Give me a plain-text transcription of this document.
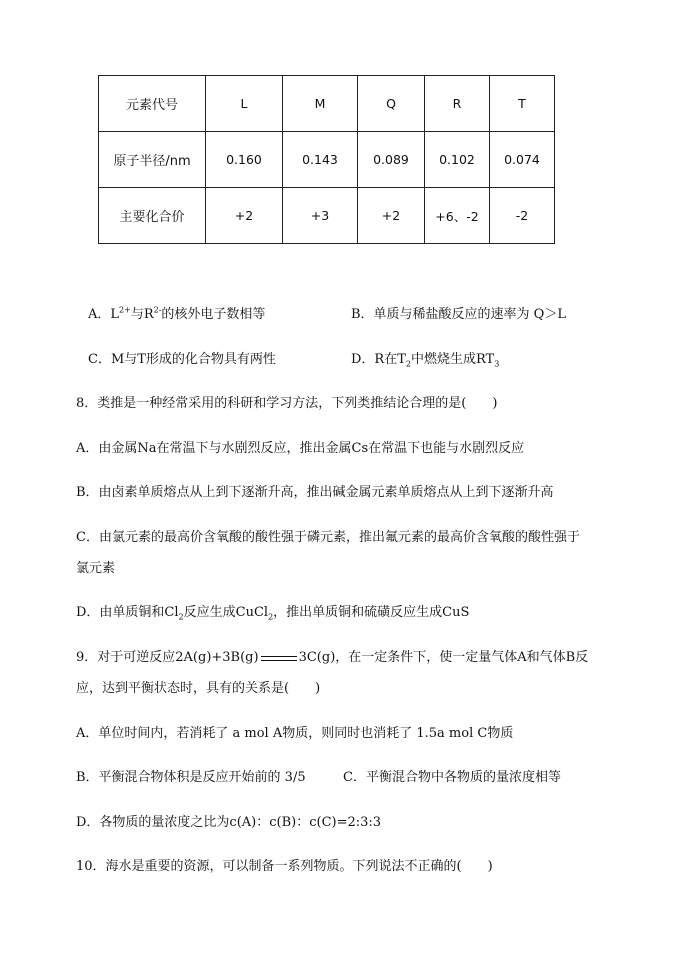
元素代号	L	M	Q	R	T
原子半径/nm	0.160	0.143	0.089	0.102	0.074
主要化合价	+2	+3	+2	+6、-2	-2
A．$L^{2+}$与$R^{2-}$的核外电子数相等	B．单质与稀盐酸反应的速率为 Q＞L
C．M与T形成的化合物具有两性	D．R在$T_2$中燃烧生成$RT_3$
8．类推是一种经常采用的科研和学习方法，下列类推结论合理的是(　　)
A．由金属Na在常温下与水剧烈反应，推出金属Cs在常温下也能与水剧烈反应
B．由卤素单质熔点从上到下逐渐升高，推出碱金属元素单质熔点从上到下逐渐升高
C．由氯元素的最高价含氧酸的酸性强于磷元素，推出氟元素的最高价含氧酸的酸性强于
氯元素
D．由单质铜和$Cl_2$反应生成CuCl$_2$，推出单质铜和硫磺反应生成CuS
9．对于可逆反应2A(g)+3B(g)	3C(g)，在一定条件下，使一定量气体A和气体B反
应，达到平衡状态时，具有的关系是(　　)
A．单位时间内，若消耗了 a mol A物质，则同时也消耗了 1.5a mol C物质
B．平衡混合物体积是反应开始前的 3/5	C．平衡混合物中各物质的量浓度相等
D．各物质的量浓度之比为c(A)：c(B)：c(C)=2:3:3
10．海水是重要的资源，可以制备一系列物质。下列说法不正确的(　　)
